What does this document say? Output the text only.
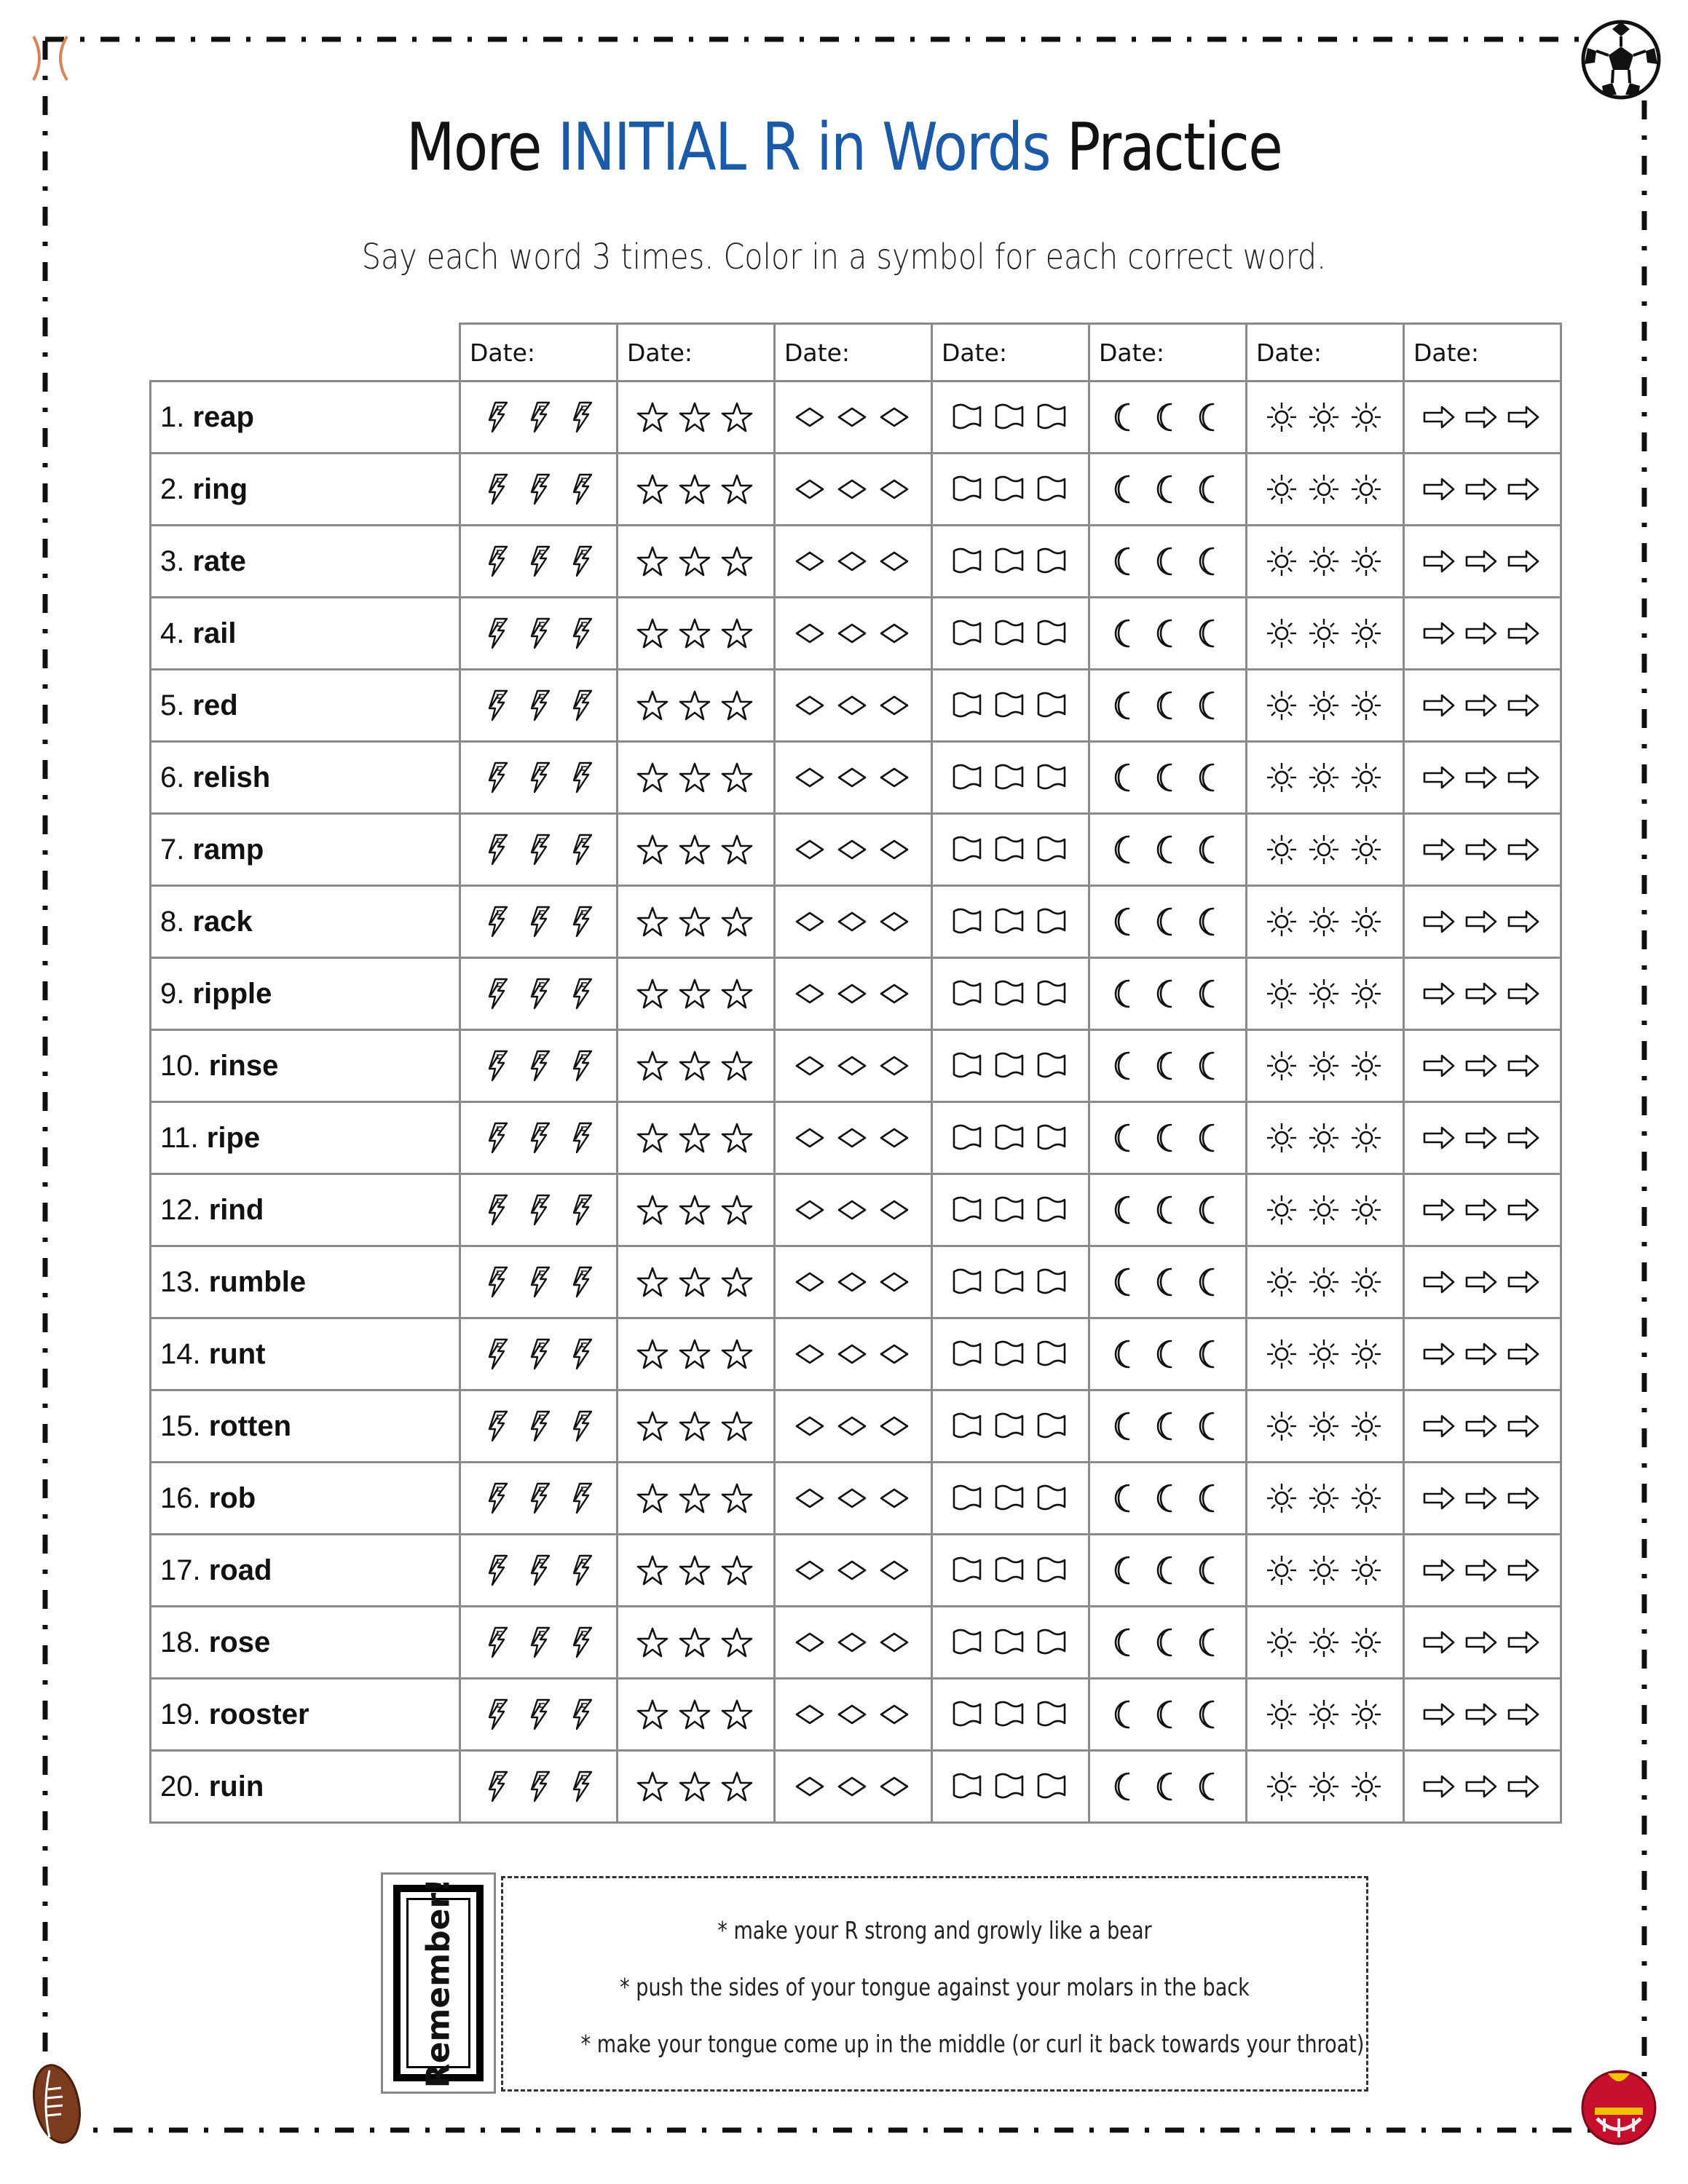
More INITIAL R in Words Practice
Say each word 3 times. Color in a symbol for each correct word.
	Date:	Date:	Date:	Date:	Date:	Date:	Date:
1. reap	

2. ring	

3. rate	

4. rail	

5. red	

6. relish	

7. ramp	

8. rack	

9. ripple	

10. rinse	

11. ripe	

12. rind	

13. rumble	

14. runt	

15. rotten	

16. rob	

17. road	

18. rose	

19. rooster	

20. ruin	

Remember!	* make your R strong and growly like a bear
* push the sides of your tongue against your molars in the back
* make your tongue come up in the middle (or curl it back towards your throat)
